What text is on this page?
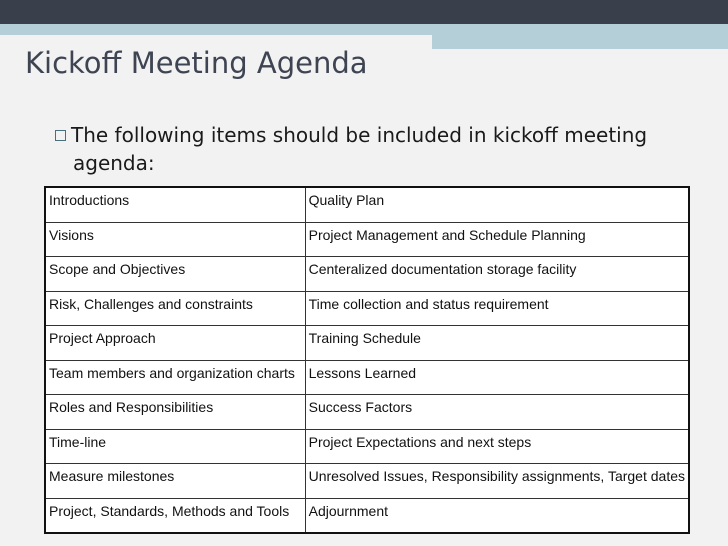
Kickoff Meeting Agenda
The following items should be included in kickoff meeting
agenda:
Introductions	Quality Plan
Visions	Project Management and Schedule Planning
Scope and Objectives	Centeralized documentation storage facility
Risk, Challenges and constraints	Time collection and status requirement
Project Approach	Training Schedule
Team members and organization charts	Lessons Learned
Roles and Responsibilities	Success Factors
Time-line	Project Expectations and next steps
Measure milestones	Unresolved Issues, Responsibility assignments, Target dates
Project, Standards, Methods and Tools	Adjournment
